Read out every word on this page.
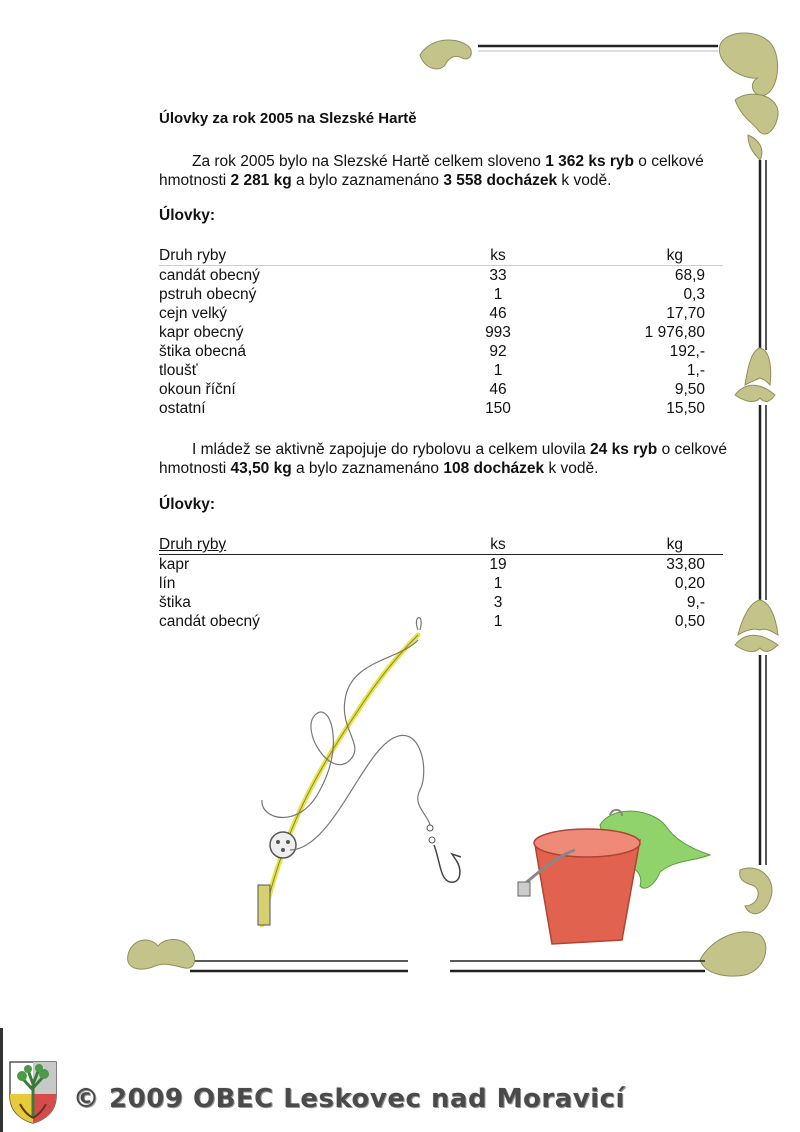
Úlovky za rok 2005 na Slezské Hartě
Za rok 2005 bylo na Slezské Hartě celkem sloveno 1 362 ks ryb o celkové hmotnosti 2 281 kg a bylo zaznamenáno 3 558 docházek k vodě.
Úlovky:
Druh ryby	ks	kg
candát obecný	33	68,9
pstruh obecný	1	0,3
cejn velký	46	17,70
kapr obecný	993	1 976,80
štika obecná	92	192,-
tloušť	1	1,-
okoun říční	46	9,50
ostatní	150	15,50
I mládež se aktivně zapojuje do rybolovu a celkem ulovila 24 ks ryb o celkové hmotnosti 43,50 kg a bylo zaznamenáno 108 docházek k vodě.
Úlovky:
Druh ryby	ks	kg
kapr	19	33,80
lín	1	0,20
štika	3	9,-
candát obecný	1	0,50
© 2009 OBEC Leskovec nad Moravicí
